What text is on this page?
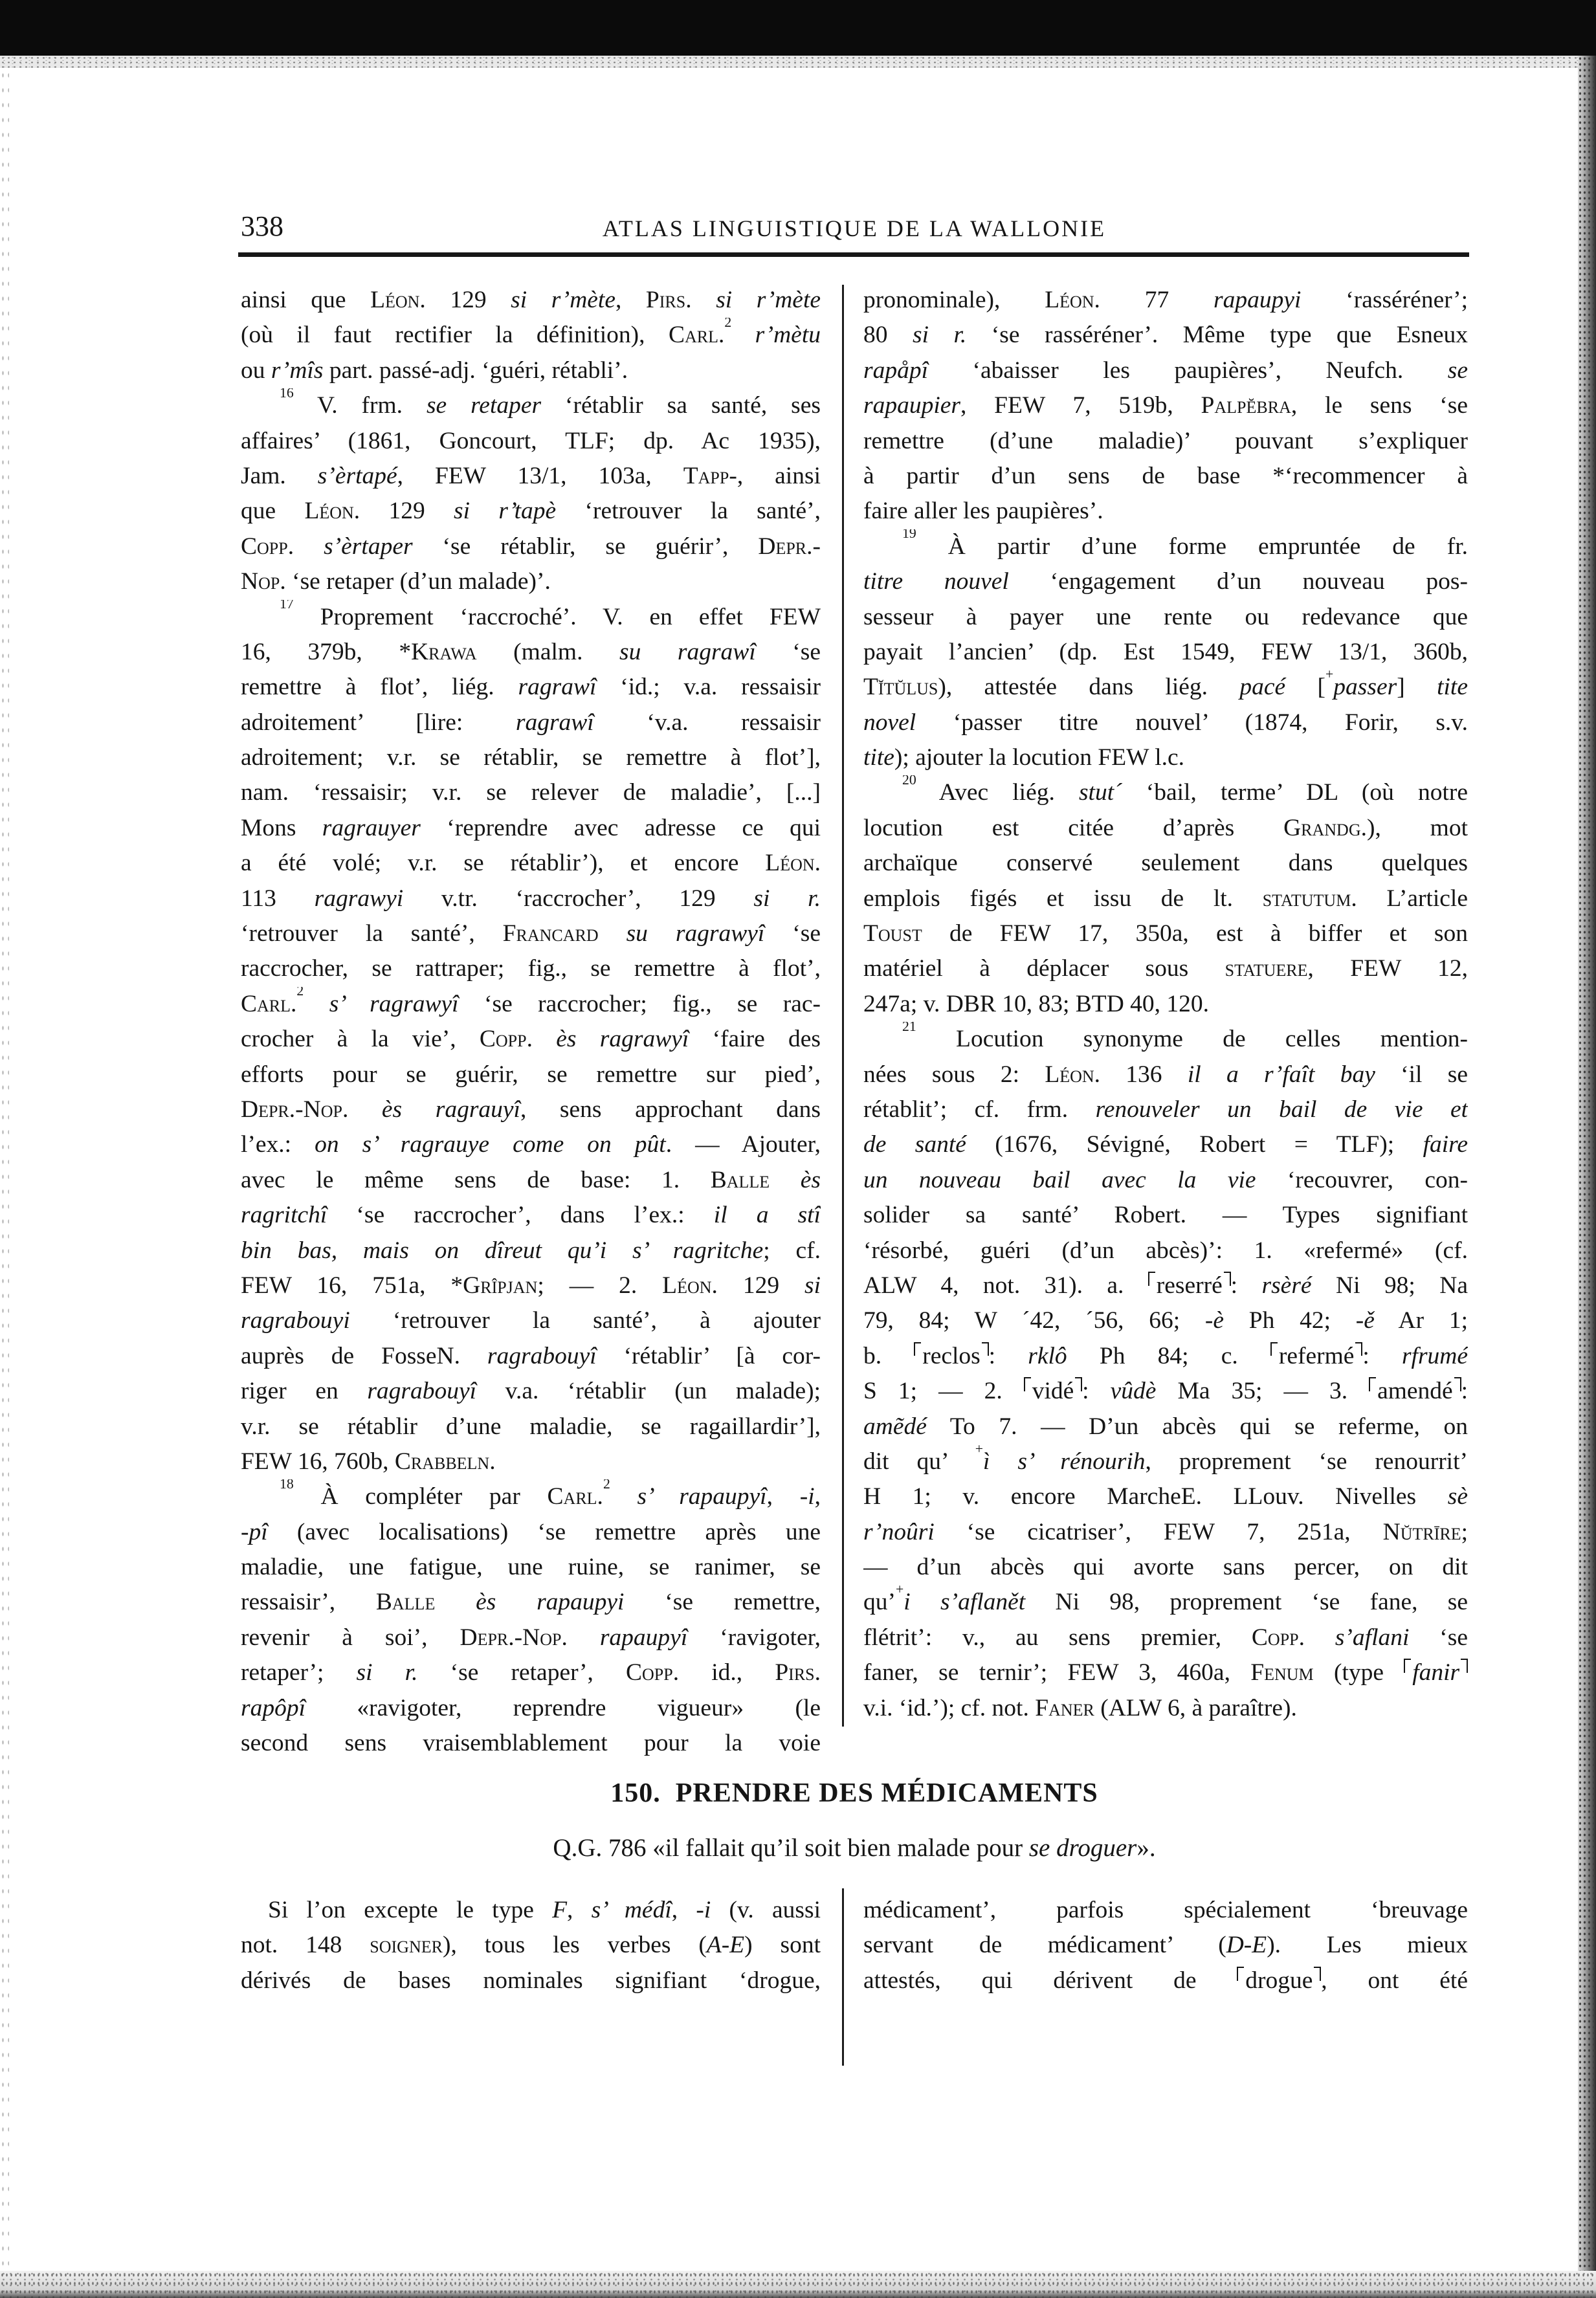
338	ATLAS LINGUISTIQUE DE LA WALLONIE
ainsi que Léon. 129 si r’mète, Pirs. si r’mète
(où il faut rectifier la définition), Carl.$^2$ r’mètu
ou r’mîs part. passé-adj. ‘guéri, rétabli’.
$^{16}$ V. frm. se retaper ‘rétablir sa santé, ses
affaires’ (1861, Goncourt, TLF; dp. Ac 1935),
Jam. s’èrtapé, FEW 13/1, 103a, Tapp-, ainsi
que Léon. 129 si r’tapè ‘retrouver la santé’,
Copp. s’èrtaper ‘se rétablir, se guérir’, Depr.-
Nop. ‘se retaper (d’un malade)’.
$^{17}$ Proprement ‘raccroché’. V. en effet FEW
16, 379b, *Krawa (malm. su ragrawî ‘se
remettre à flot’, liég. ragrawî ‘id.; v.a. ressaisir
adroitement’ [lire: ragrawî ‘v.a. ressaisir
adroitement; v.r. se rétablir, se remettre à flot’],
nam. ‘ressaisir; v.r. se relever de maladie’, [...]
Mons ragrauyer ‘reprendre avec adresse ce qui
a été volé; v.r. se rétablir’), et encore Léon.
113 ragrawyi v.tr. ‘raccrocher’, 129 si r.
‘retrouver la santé’, Francard su ragrawyî ‘se
raccrocher, se rattraper; fig., se remettre à flot’,
Carl.$^2$ s’ ragrawyî ‘se raccrocher; fig., se rac-
crocher à la vie’, Copp. ès ragrawyî ‘faire des
efforts pour se guérir, se remettre sur pied’,
Depr.-Nop. ès ragrauyî, sens approchant dans
l’ex.: on s’ ragrauye come on pût. — Ajouter,
avec le même sens de base: 1. Balle ès
ragritchî ‘se raccrocher’, dans l’ex.: il a stî
bin bas, mais on dîreut qu’i s’ ragritche; cf.
FEW 16, 751a, *Grîpjan; — 2. Léon. 129 si
ragrabouyi ‘retrouver la santé’, à ajouter
auprès de FosseN. ragrabouyî ‘rétablir’ [à cor-
riger en ragrabouyî v.a. ‘rétablir (un malade);
v.r. se rétablir d’une maladie, se ragaillardir’],
FEW 16, 760b, Crabbeln.
$^{18}$ À compléter par Carl.$^2$ s’ rapaupyî, -i,
-pî (avec localisations) ‘se remettre après une
maladie, une fatigue, une ruine, se ranimer, se
ressaisir’, Balle ès rapaupyi ‘se remettre,
revenir à soi’, Depr.-Nop. rapaupyî ‘ravigoter,
retaper’; si r. ‘se retaper’, Copp. id., Pirs.
rapôpî «ravigoter, reprendre vigueur» (le
second sens vraisemblablement pour la voie
pronominale), Léon. 77 rapaupyi ‘rasséréner’;
80 si r. ‘se rasséréner’. Même type que Esneux
rapåpî ‘abaisser les paupières’, Neufch. se
rapaupier, FEW 7, 519b, Palpĕbra, le sens ‘se
remettre (d’une maladie)’ pouvant s’expliquer
à partir d’un sens de base *‘recommencer à
faire aller les paupières’.
$^{19}$ À partir d’une forme empruntée de fr.
titre nouvel ‘engagement d’un nouveau pos-
sesseur à payer une rente ou redevance que
payait l’ancien’ (dp. Est 1549, FEW 13/1, 360b,
Tĭtŭlus), attestée dans liég. pacé [+passer] tite
novel ‘passer titre nouvel’ (1874, Forir, s.v.
tite); ajouter la locution FEW l.c.
$^{20}$ Avec liég. stut´ ‘bail, terme’ DL (où notre
locution est citée d’après Grandg.), mot
archaïque conservé seulement dans quelques
emplois figés et issu de lt. statutum. L’article
Toust de FEW 17, 350a, est à biffer et son
matériel à déplacer sous statuere, FEW 12,
247a; v. DBR 10, 83; BTD 40, 120.
$^{21}$ Locution synonyme de celles mention-
nées sous 2: Léon. 136 il a r’faît bay ‘il se
rétablit’; cf. frm. renouveler un bail de vie et
de santé (1676, Sévigné, Robert = TLF); faire
un nouveau bail avec la vie ‘recouvrer, con-
solider sa santé’ Robert. — Types signifiant
‘résorbé, guéri (d’un abcès)’: 1. «refermé» (cf.
ALW 4, not. 31). a. reserré : rsèré Ni 98; Na
79, 84; W ´42, ´56, 66; -è Ph 42; -ě Ar 1;
b. reclos : rklô Ph 84; c. refermé : rfrumé
S 1; — 2. vidé : vûdè Ma 35; — 3. amendé :
amẽdé To 7. — D’un abcès qui se referme, on
dit qu’ +ì s’ rénourih, proprement ‘se renourrit’
H 1; v. encore MarcheE. LLouv. Nivelles sè
r’noûri ‘se cicatriser’, FEW 7, 251a, Nŭtrīre;
— d’un abcès qui avorte sans percer, on dit
qu’+i s’aflanět Ni 98, proprement ‘se fane, se
flétrit’: v., au sens premier, Copp. s’aflani ‘se
faner, se ternir’; FEW 3, 460a, Fenum (type fanir
v.i. ‘id.’); cf. not. Faner (ALW 6, à paraître).
150.  PRENDRE DES MÉDICAMENTS
Q.G. 786 «il fallait qu’il soit bien malade pour se droguer».
Si l’on excepte le type F, s’ médî, -i (v. aussi
not. 148 soigner), tous les verbes (A-E) sont
dérivés de bases nominales signifiant ‘drogue,
médicament’, parfois spécialement ‘breuvage
servant de médicament’ (D-E). Les mieux
attestés, qui dérivent de drogue , ont été
